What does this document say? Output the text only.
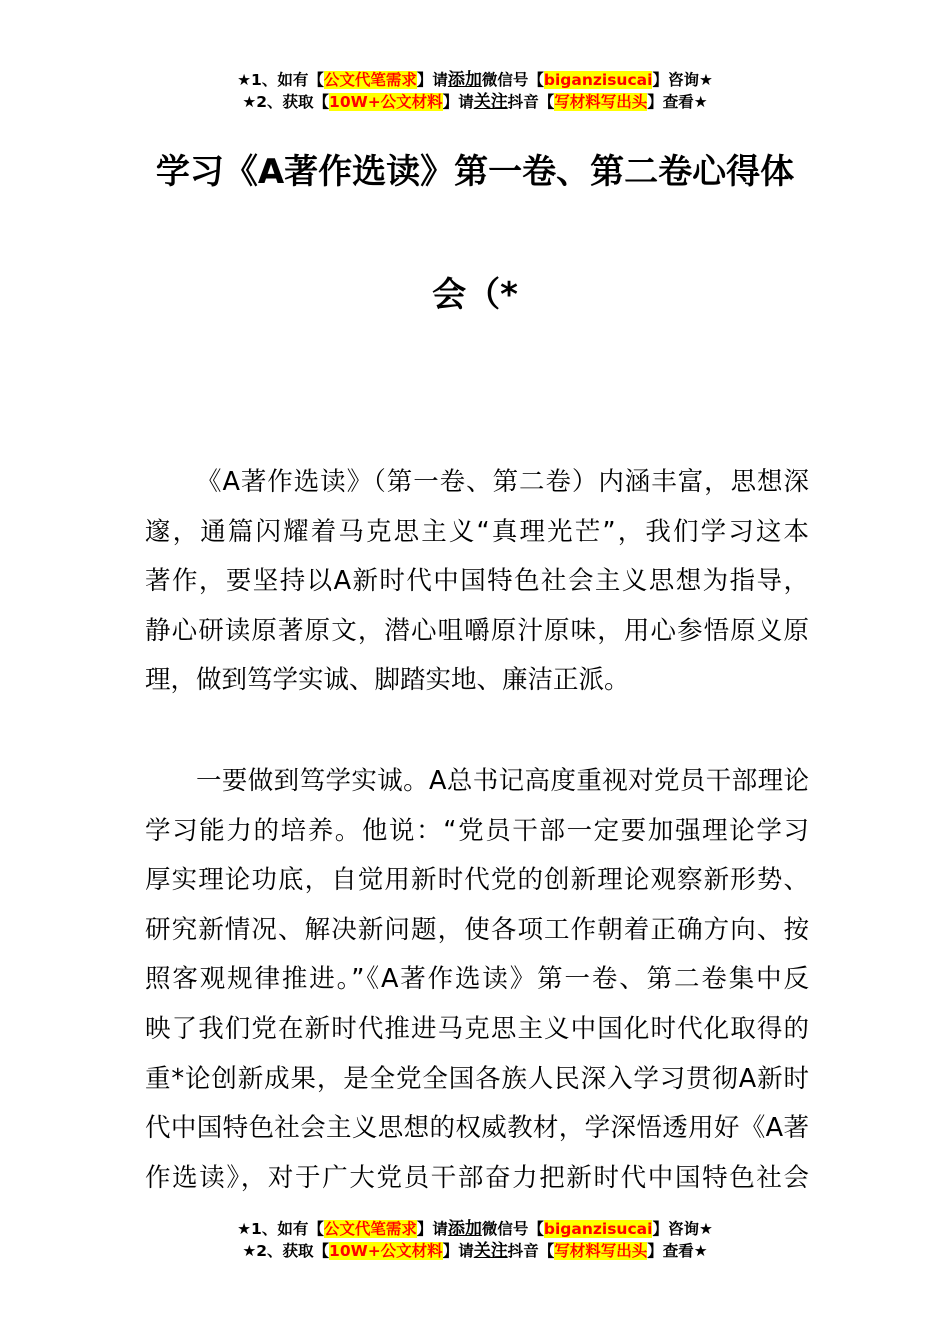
★1、如有【公文代笔需求】请添加微信号【biganzisucai】咨询★
★2、获取【10W+公文材料】请关注抖音【写材料写出头】查看★
学习《A著作选读》第一卷、第二卷心得体
会（*
《A著作选读》（第一卷、第二卷）内涵丰富，思想深
邃，通篇闪耀着马克思主义“真理光芒”，我们学习这本
著作，要坚持以A新时代中国特色社会主义思想为指导，
静心研读原著原文，潜心咀嚼原汁原味，用心参悟原义原
理，做到笃学实诚、脚踏实地、廉洁正派。
一要做到笃学实诚。A总书记高度重视对党员干部理论
学习能力的培养。他说：“党员干部一定要加强理论学习
厚实理论功底，自觉用新时代党的创新理论观察新形势、
研究新情况、解决新问题，使各项工作朝着正确方向、按
照客观规律推进。”《A著作选读》第一卷、第二卷集中反
映了我们党在新时代推进马克思主义中国化时代化取得的
重*论创新成果，是全党全国各族人民深入学习贯彻A新时
代中国特色社会主义思想的权威教材，学深悟透用好《A著
作选读》，对于广大党员干部奋力把新时代中国特色社会
★1、如有【公文代笔需求】请添加微信号【biganzisucai】咨询★
★2、获取【10W+公文材料】请关注抖音【写材料写出头】查看★
